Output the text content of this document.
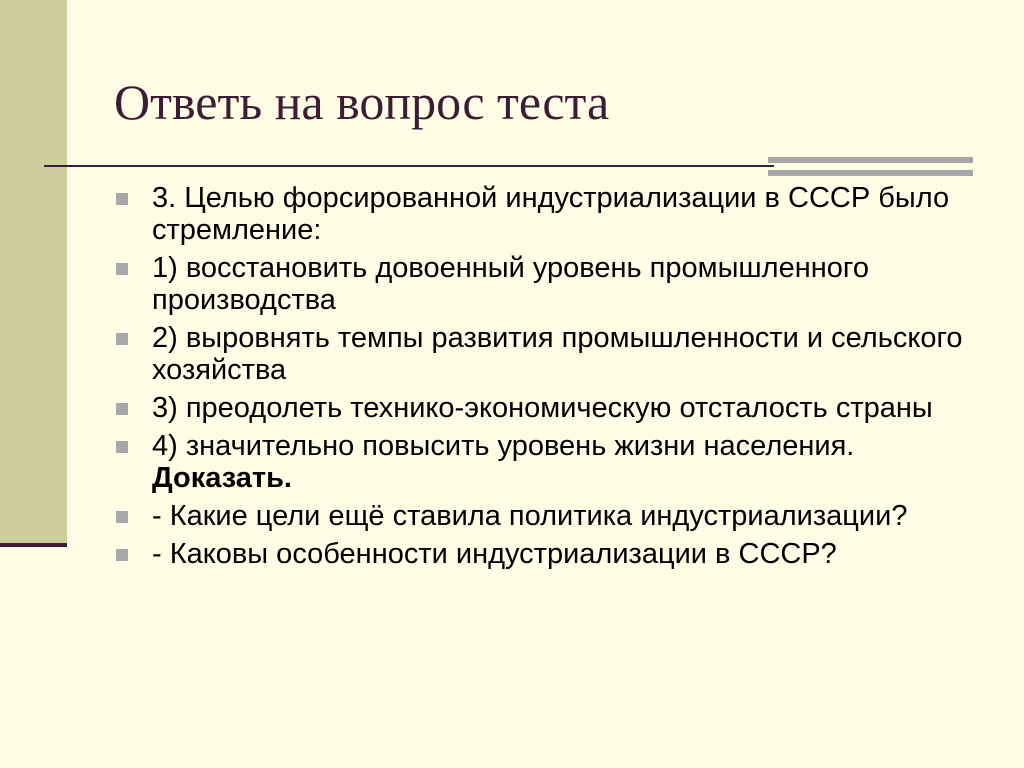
Ответь на вопрос теста
3. Целью форсированной индустриализации в СССР было стремление:
1) восстановить довоенный уровень промышленного производства
2) выровнять темпы развития промышленности и сельского хозяйства
3) преодолеть технико-экономическую отсталость страны
4) значительно повысить уровень жизни населения. Доказать.
- Какие цели ещё ставила политика индустриализации?
- Каковы особенности индустриализации в СССР?
